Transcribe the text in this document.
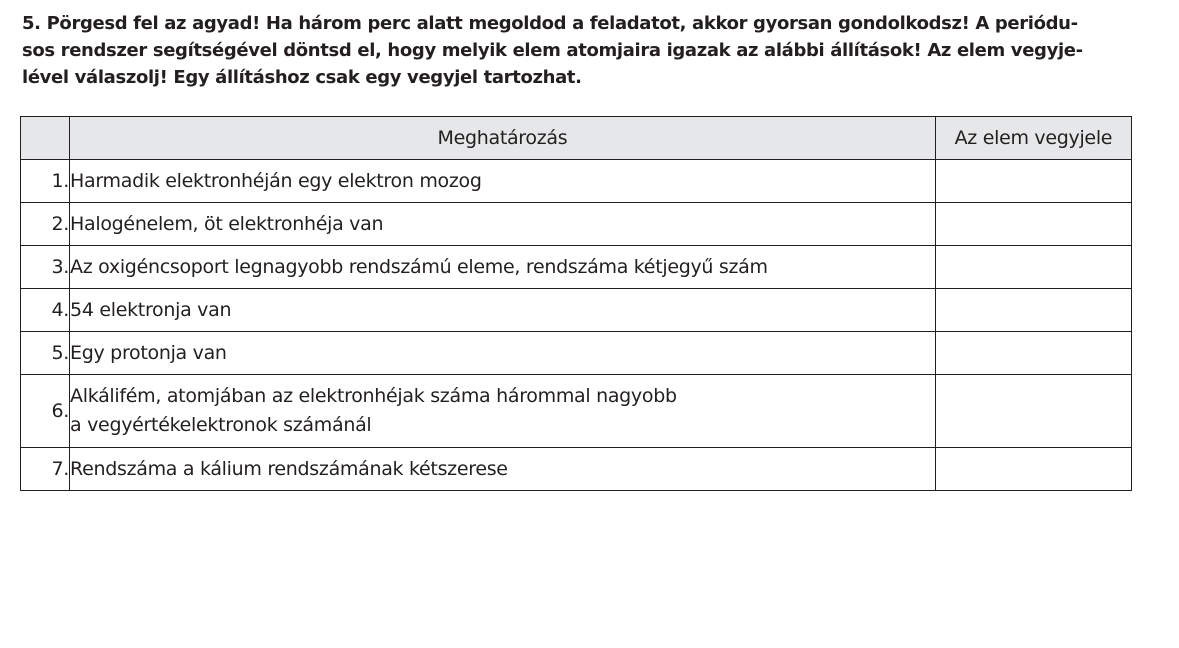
5. Pörgesd fel az agyad! Ha három perc alatt megoldod a feladatot, akkor gyorsan gondolkodsz! A periódu-
sos rendszer segítségével döntsd el, hogy melyik elem atomjaira igazak az alábbi állítások! Az elem vegyje-
lével válaszolj! Egy állításhoz csak egy vegyjel tartozhat.
	Meghatározás	Az elem vegyjele
1.	Harmadik elektronhéján egy elektron mozog	

2.	Halogénelem, öt elektronhéja van	

3.	Az oxigéncsoport legnagyobb rendszámú eleme, rendszáma kétjegyű szám	

4.	54 elektronja van	

5.	Egy protonja van	

6.	Alkálifém, atomjában az elektronhéjak száma hárommal nagyobb
a vegyértékelektronok számánál	

7.	Rendszáma a kálium rendszámának kétszerese	
